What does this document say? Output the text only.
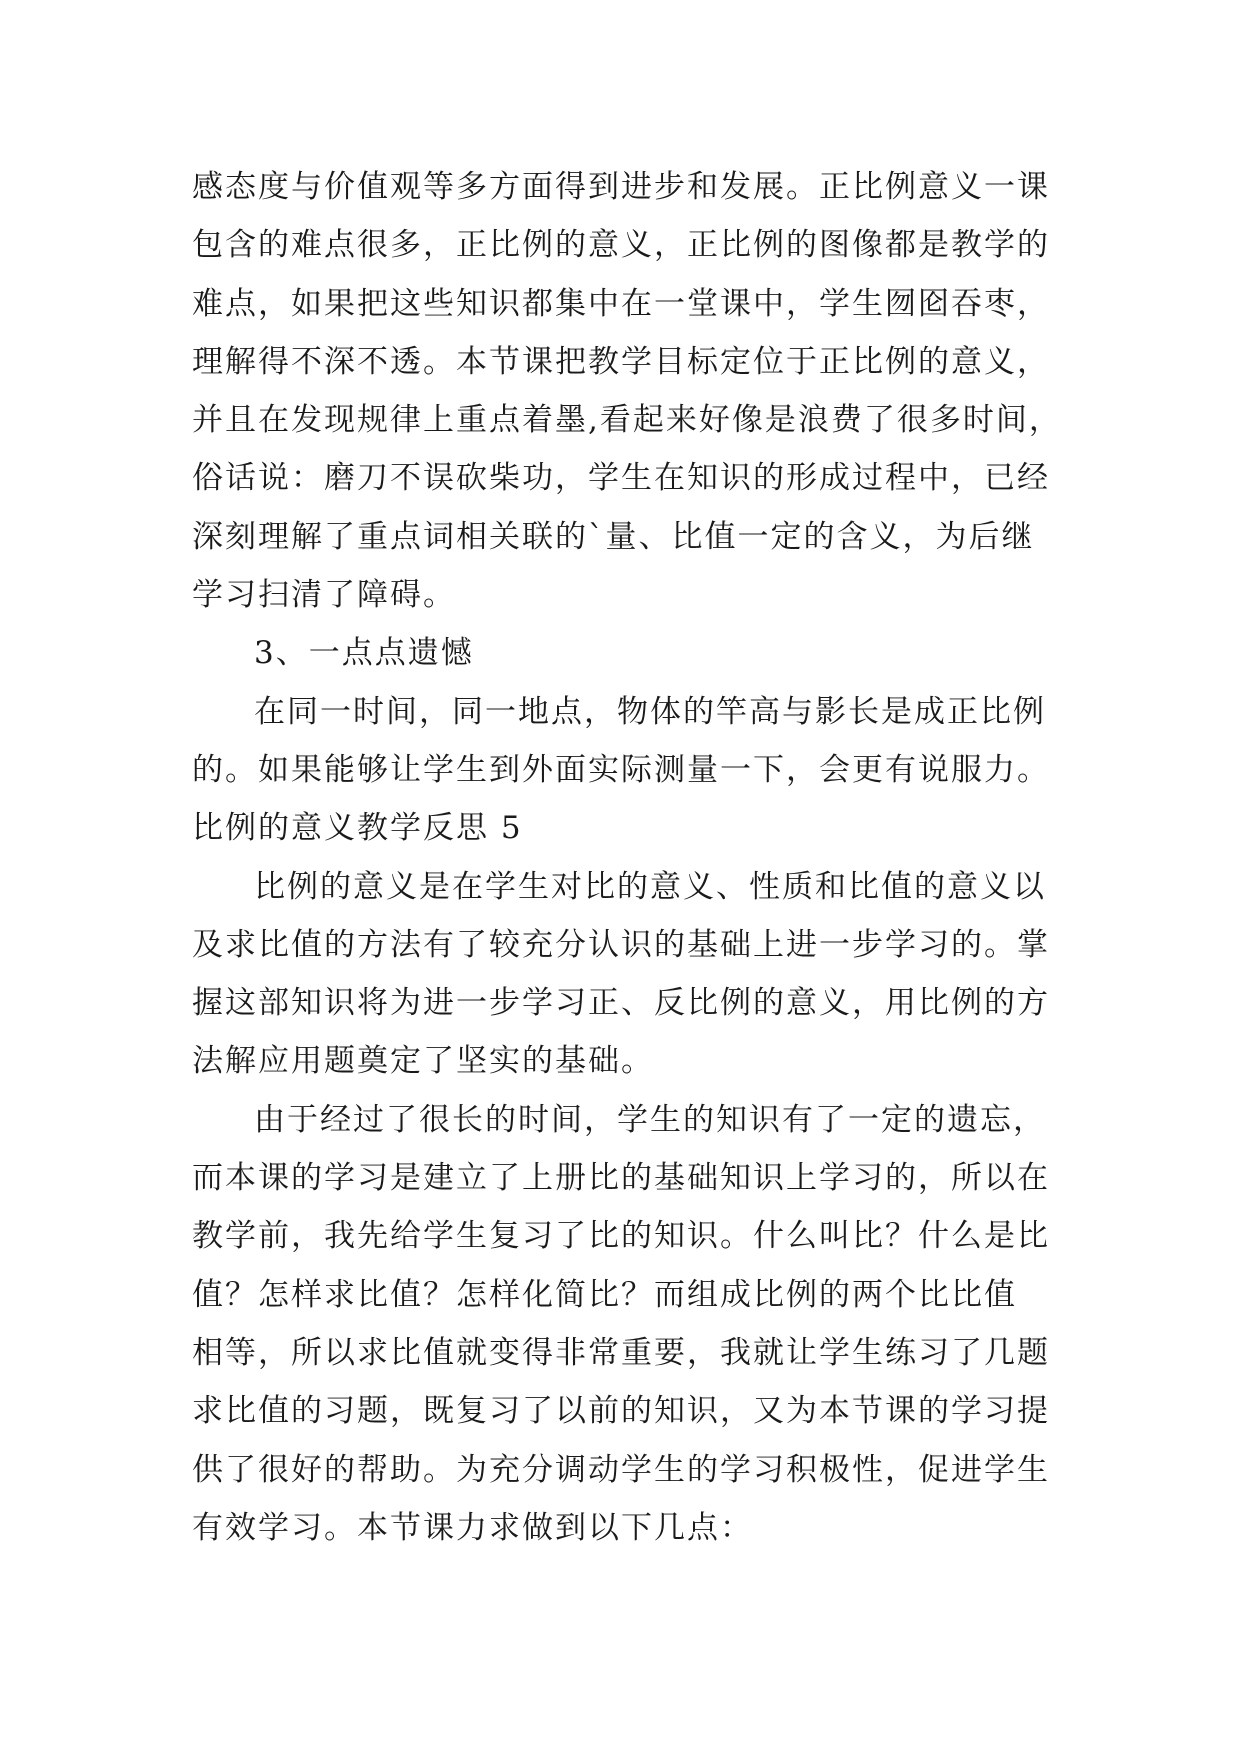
感态度与价值观等多方面得到进步和发展。正比例意义一课
包含的难点很多，正比例的意义，正比例的图像都是教学的
难点，如果把这些知识都集中在一堂课中，学生囫囵吞枣，
理解得不深不透。本节课把教学目标定位于正比例的意义，
并且在发现规律上重点着墨,看起来好像是浪费了很多时间，
俗话说：磨刀不误砍柴功，学生在知识的形成过程中，已经
深刻理解了重点词相关联的`量、比值一定的含义，为后继
学习扫清了障碍。
3、一点点遗憾
在同一时间，同一地点，物体的竿高与影长是成正比例
的。如果能够让学生到外面实际测量一下，会更有说服力。
比例的意义教学反思 5
比例的意义是在学生对比的意义、性质和比值的意义以
及求比值的方法有了较充分认识的基础上进一步学习的。掌
握这部知识将为进一步学习正、反比例的意义，用比例的方
法解应用题奠定了坚实的基础。
由于经过了很长的时间，学生的知识有了一定的遗忘，
而本课的学习是建立了上册比的基础知识上学习的，所以在
教学前，我先给学生复习了比的知识。什么叫比？什么是比
值？怎样求比值？怎样化简比？而组成比例的两个比比值
相等，所以求比值就变得非常重要，我就让学生练习了几题
求比值的习题，既复习了以前的知识，又为本节课的学习提
供了很好的帮助。为充分调动学生的学习积极性，促进学生
有效学习。本节课力求做到以下几点：
